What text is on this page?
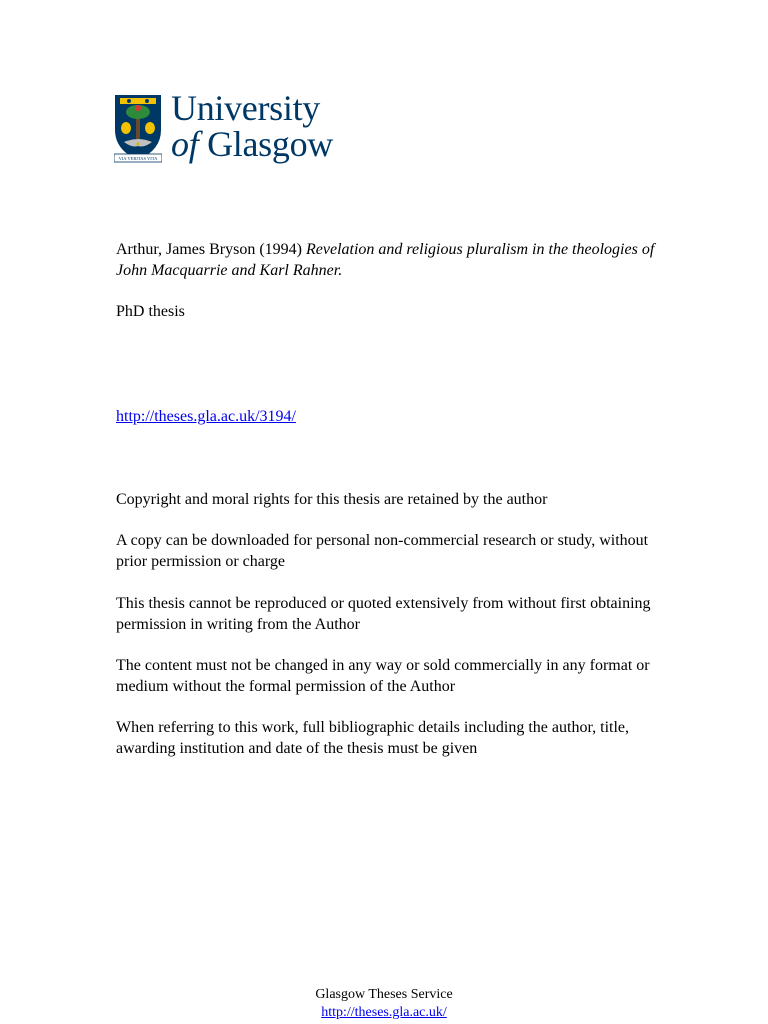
VIA VERITAS VITA
University
of Glasgow

Arthur, James Bryson (1994) Revelation and religious pluralism in the theologies of John Macquarrie and Karl Rahner.

PhD thesis

http://theses.gla.ac.uk/3194/

Copyright and moral rights for this thesis are retained by the author

A copy can be downloaded for personal non-commercial research or study, without prior permission or charge

This thesis cannot be reproduced or quoted extensively from without first obtaining permission in writing from the Author

The content must not be changed in any way or sold commercially in any format or medium without the formal permission of the Author

When referring to this work, full bibliographic details including the author, title, awarding institution and date of the thesis must be given

Glasgow Theses Service
http://theses.gla.ac.uk/
